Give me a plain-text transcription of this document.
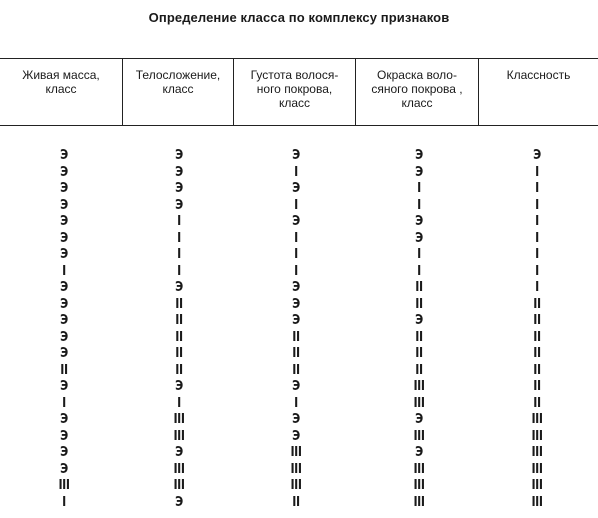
Определение класса по комплексу признаков
Живая масса,
класс
Телосложение,
класс
Густота волося-
ного покрова,
класс
Окраска воло-
сяного покрова ,
класс
Классность
Э
Э
Э
Э
Э
Э
Э
I
Э
Э
Э
Э
Э
II
Э
I
Э
Э
Э
Э
III
I
Э
Э
Э
Э
I
I
I
I
Э
II
II
II
II
II
Э
I
III
III
Э
III
III
Э
Э
I
Э
I
Э
I
I
I
Э
Э
Э
II
II
II
Э
I
Э
Э
III
III
III
II
Э
Э
I
I
Э
Э
I
I
II
II
Э
II
II
II
III
III
Э
III
Э
III
III
III
Э
I
I
I
I
I
I
I
I
II
II
II
II
II
II
II
III
III
III
III
III
III
